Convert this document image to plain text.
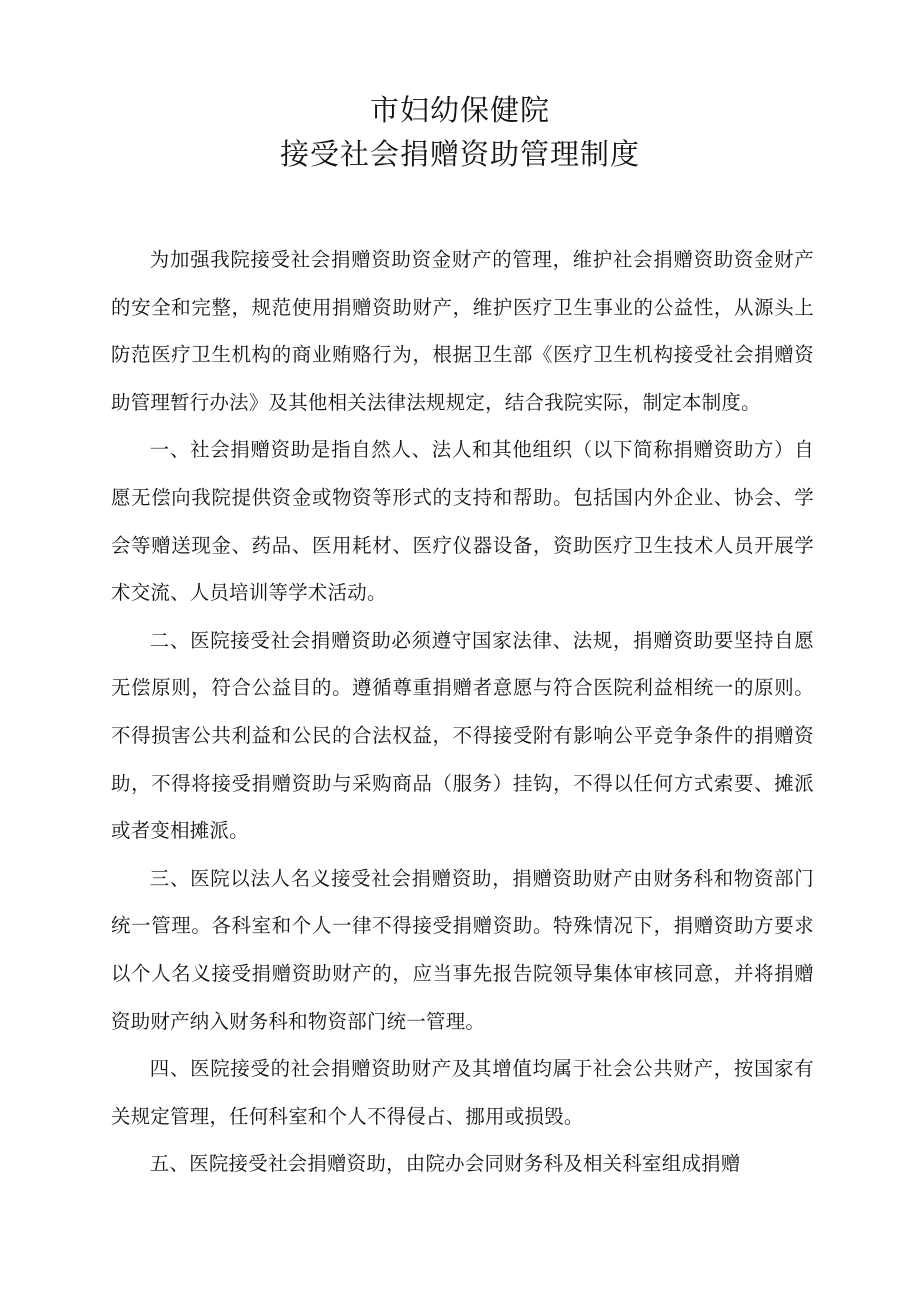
市妇幼保健院
接受社会捐赠资助管理制度

为加强我院接受社会捐赠资助资金财产的管理，维护社会捐赠资助资金财产的安全和完整，规范使用捐赠资助财产，维护医疗卫生事业的公益性，从源头上防范医疗卫生机构的商业贿赂行为，根据卫生部《医疗卫生机构接受社会捐赠资助管理暂行办法》及其他相关法律法规规定，结合我院实际，制定本制度。

一、社会捐赠资助是指自然人、法人和其他组织（以下简称捐赠资助方）自愿无偿向我院提供资金或物资等形式的支持和帮助。包括国内外企业、协会、学会等赠送现金、药品、医用耗材、医疗仪器设备，资助医疗卫生技术人员开展学术交流、人员培训等学术活动。

二、医院接受社会捐赠资助必须遵守国家法律、法规，捐赠资助要坚持自愿无偿原则，符合公益目的。遵循尊重捐赠者意愿与符合医院利益相统一的原则。不得损害公共利益和公民的合法权益，不得接受附有影响公平竞争条件的捐赠资助，不得将接受捐赠资助与采购商品（服务）挂钩，不得以任何方式索要、摊派或者变相摊派。

三、医院以法人名义接受社会捐赠资助，捐赠资助财产由财务科和物资部门统一管理。各科室和个人一律不得接受捐赠资助。特殊情况下，捐赠资助方要求以个人名义接受捐赠资助财产的，应当事先报告院领导集体审核同意，并将捐赠资助财产纳入财务科和物资部门统一管理。

四、医院接受的社会捐赠资助财产及其增值均属于社会公共财产，按国家有关规定管理，任何科室和个人不得侵占、挪用或损毁。

五、医院接受社会捐赠资助，由院办会同财务科及相关科室组成捐赠
